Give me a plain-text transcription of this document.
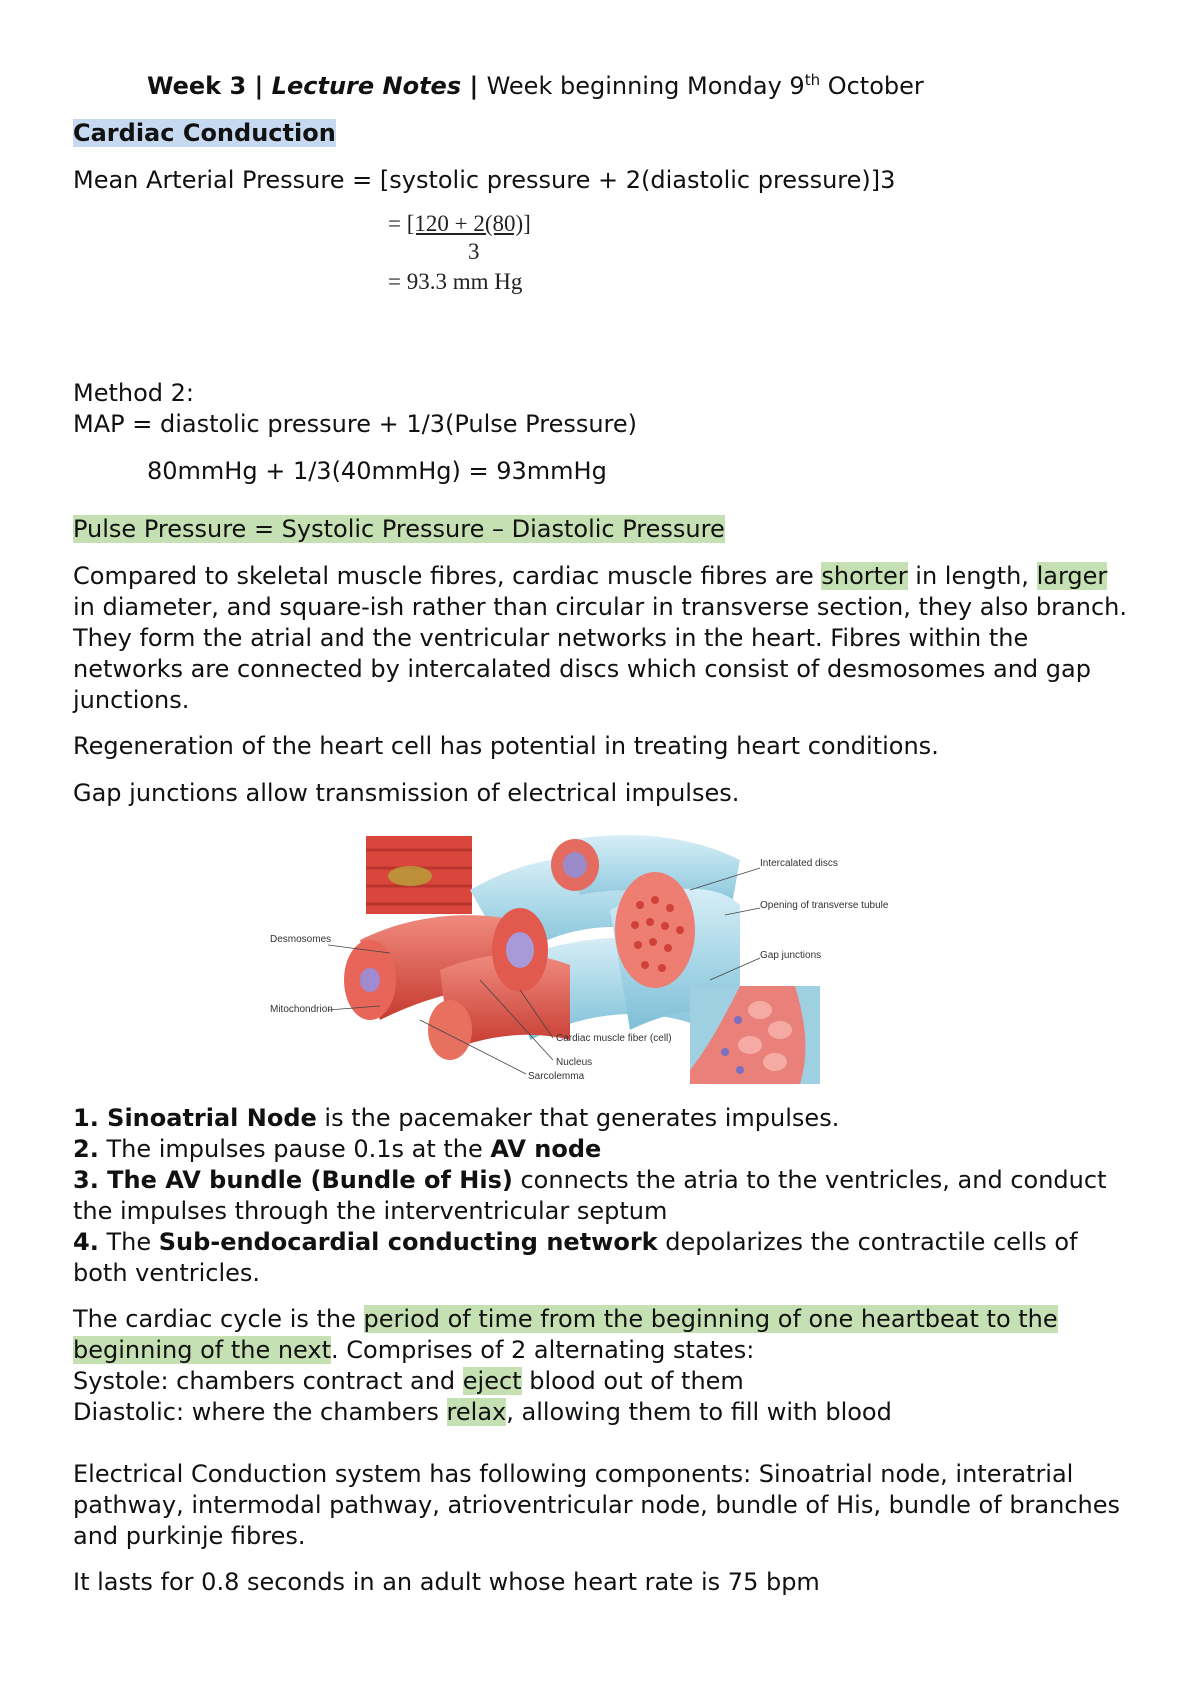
Week 3 | Lecture Notes | Week beginning Monday 9th October
Cardiac Conduction
Mean Arterial Pressure = [systolic pressure + 2(diastolic pressure)]3
= [120 + 2(80)]
3
= 93.3 mm Hg
Method 2:
MAP = diastolic pressure + 1/3(Pulse Pressure)
80mmHg + 1/3(40mmHg) = 93mmHg
Pulse Pressure = Systolic Pressure – Diastolic Pressure
Compared to skeletal muscle fibres, cardiac muscle fibres are shorter in length, larger in diameter, and square-ish rather than circular in transverse section, they also branch. They form the atrial and the ventricular networks in the heart. Fibres within the networks are connected by intercalated discs which consist of desmosomes and gap junctions.
Regeneration of the heart cell has potential in treating heart conditions.
Gap junctions allow transmission of electrical impulses.
Intercalated discs
Opening of transverse tubule
Gap junctions
Desmosomes
Mitochondrion
Cardiac muscle fiber (cell)
Nucleus
Sarcolemma
1. Sinoatrial Node is the pacemaker that generates impulses.
2. The impulses pause 0.1s at the AV node
3. The AV bundle (Bundle of His) connects the atria to the ventricles, and conduct the impulses through the interventricular septum
4. The Sub-endocardial conducting network depolarizes the contractile cells of both ventricles.
The cardiac cycle is the period of time from the beginning of one heartbeat to the beginning of the next. Comprises of 2 alternating states:
Systole: chambers contract and eject blood out of them
Diastolic: where the chambers relax, allowing them to fill with blood
Electrical Conduction system has following components: Sinoatrial node, interatrial pathway, intermodal pathway, atrioventricular node, bundle of His, bundle of branches and purkinje fibres.
It lasts for 0.8 seconds in an adult whose heart rate is 75 bpm
